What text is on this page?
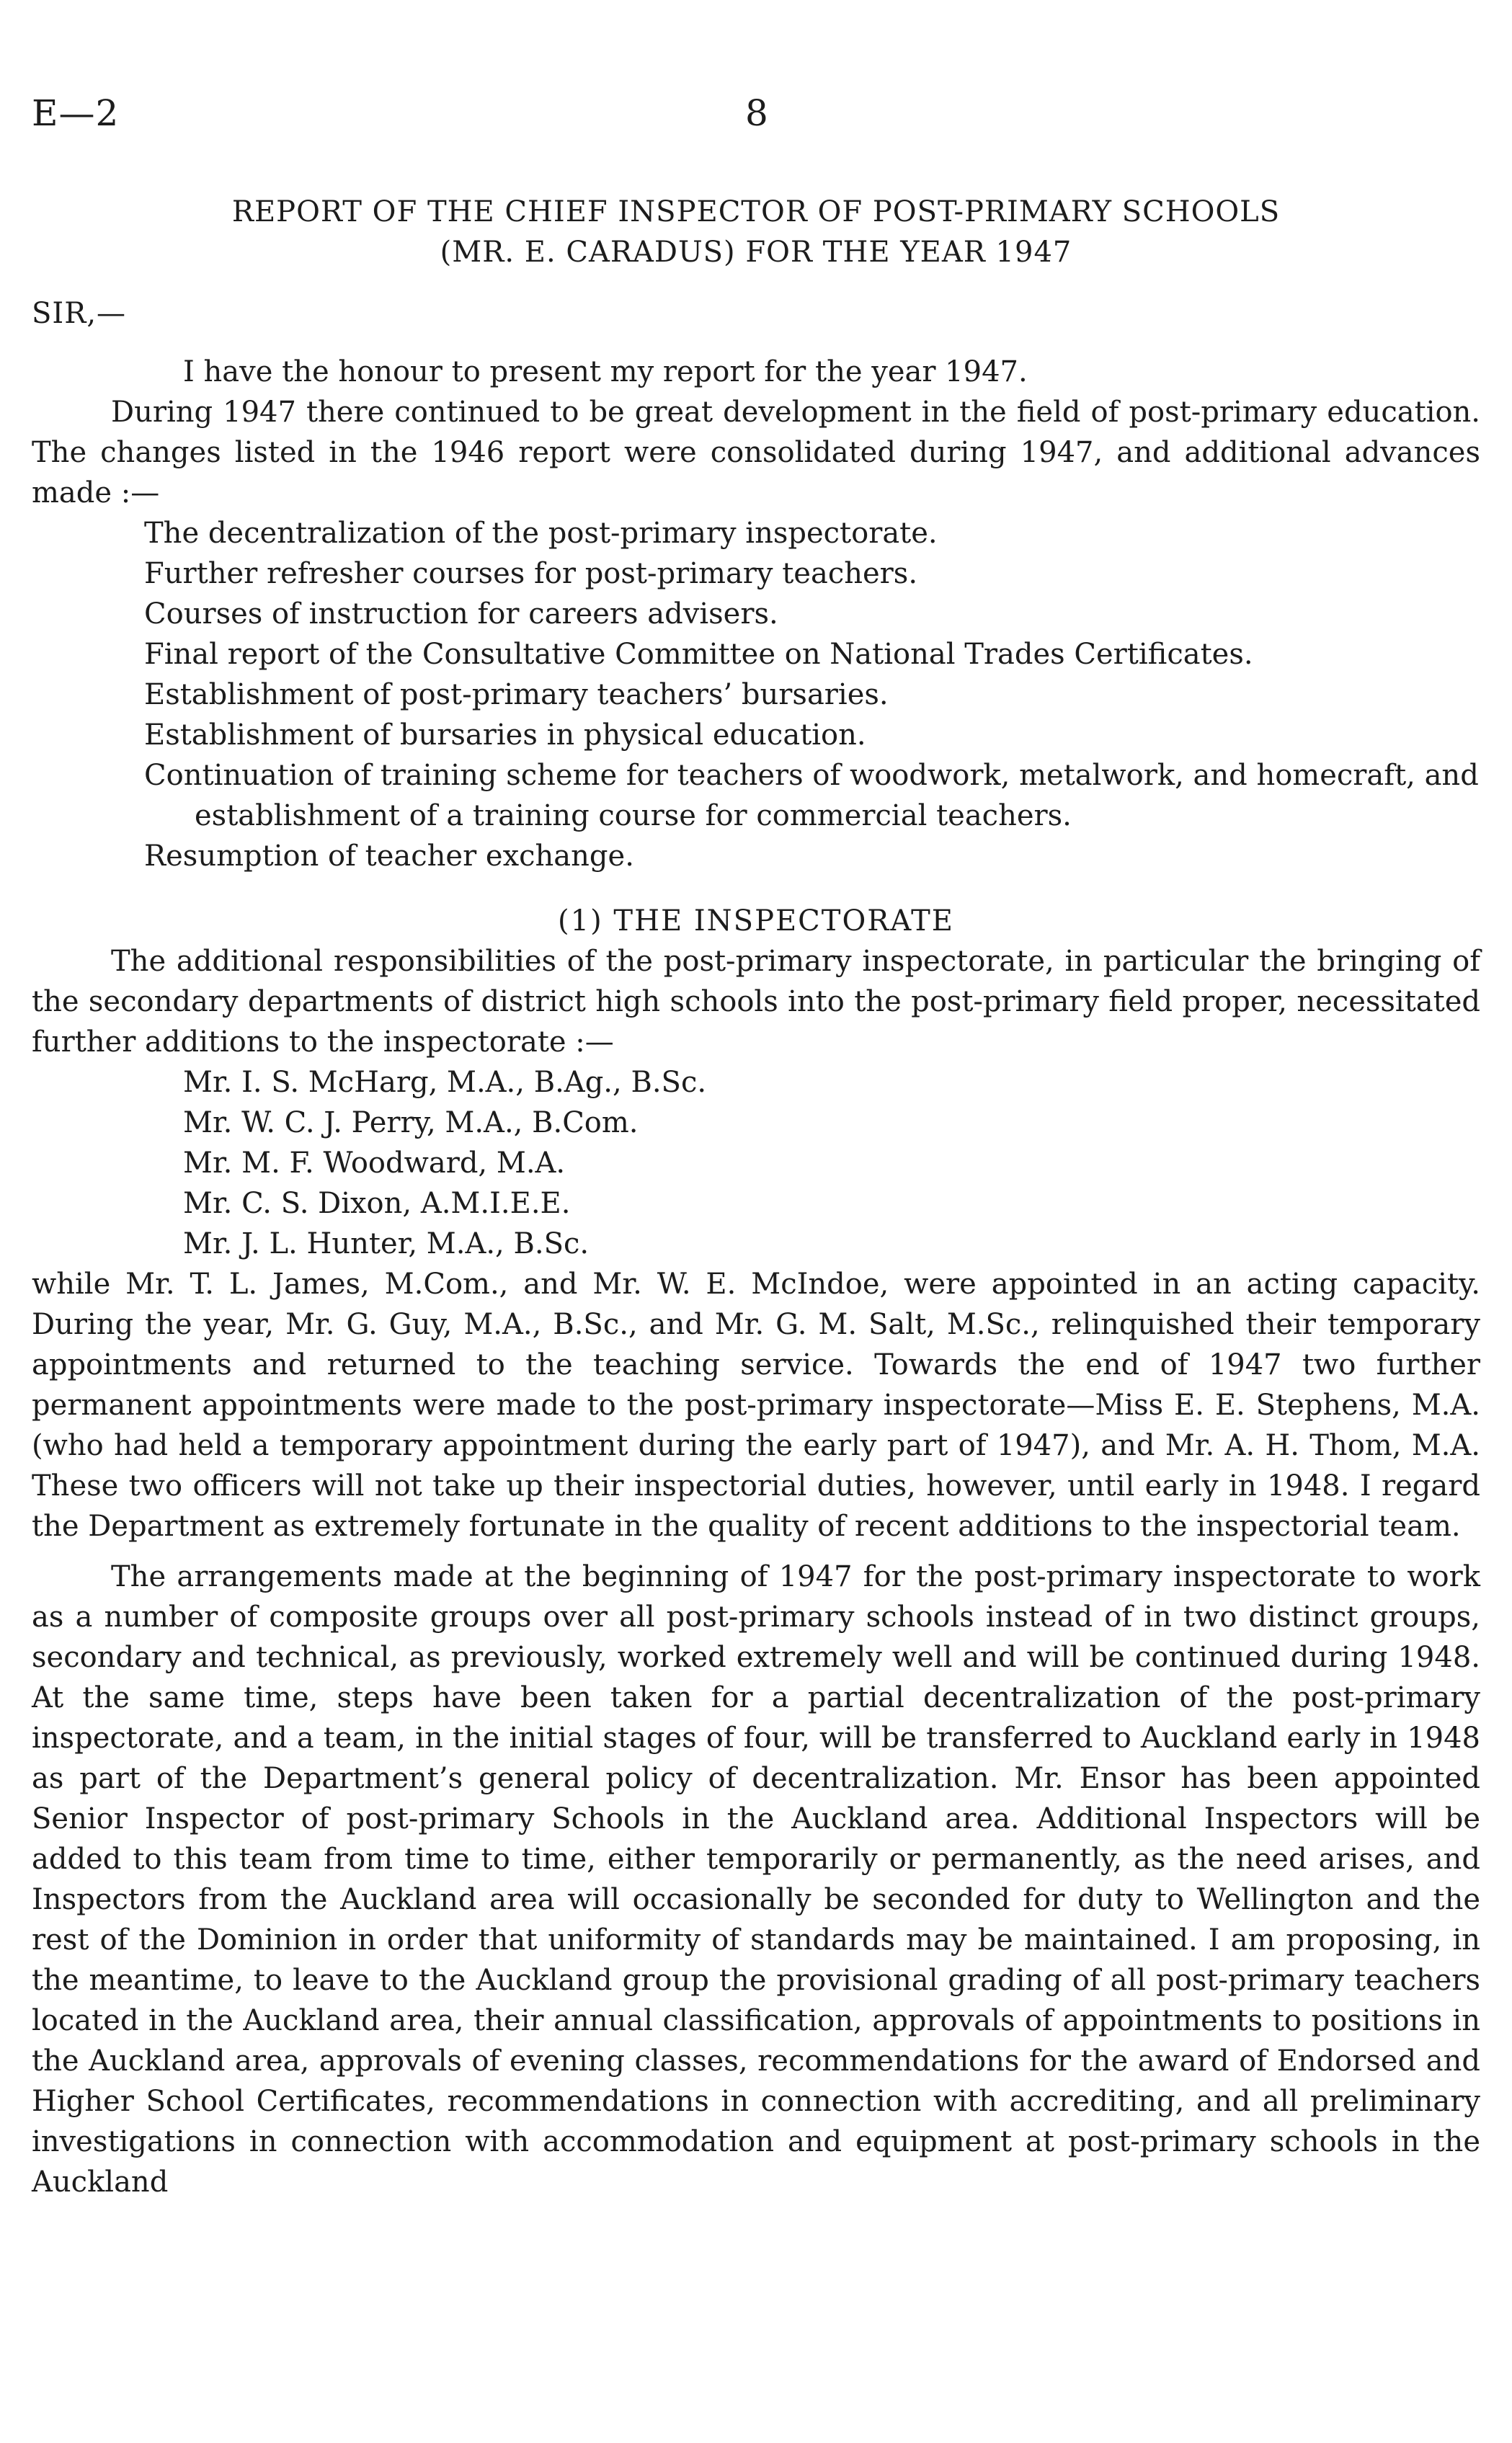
E—2	8
REPORT OF THE CHIEF INSPECTOR OF POST-PRIMARY SCHOOLS
(MR. E. CARADUS) FOR THE YEAR 1947
SIR,—

I have the honour to present my report for the year 1947.

During 1947 there continued to be great development in the field of post-primary education. The changes listed in the 1946 report were consolidated during 1947, and additional advances made :—

The decentralization of the post-primary inspectorate.
Further refresher courses for post-primary teachers.
Courses of instruction for careers advisers.
Final report of the Consultative Committee on National Trades Certificates.
Establishment of post-primary teachers’ bursaries.
Establishment of bursaries in physical education.
Continuation of training scheme for teachers of woodwork, metalwork, and homecraft, and establishment of a training course for commercial teachers.
Resumption of teacher exchange.

(1) THE INSPECTORATE

The additional responsibilities of the post-primary inspectorate, in particular the bringing of the secondary departments of district high schools into the post-primary field proper, necessitated further additions to the inspectorate :—

Mr. I. S. McHarg, M.A., B.Ag., B.Sc.
Mr. W. C. J. Perry, M.A., B.Com.
Mr. M. F. Woodward, M.A.
Mr. C. S. Dixon, A.M.I.E.E.
Mr. J. L. Hunter, M.A., B.Sc.

while Mr. T. L. James, M.Com., and Mr. W. E. McIndoe, were appointed in an acting capacity. During the year, Mr. G. Guy, M.A., B.Sc., and Mr. G. M. Salt, M.Sc., relinquished their temporary appointments and returned to the teaching service. Towards the end of 1947 two further permanent appointments were made to the post-primary inspectorate—Miss E. E. Stephens, M.A. (who had held a temporary appointment during the early part of 1947), and Mr. A. H. Thom, M.A. These two officers will not take up their inspectorial duties, however, until early in 1948. I regard the Department as extremely fortunate in the quality of recent additions to the inspectorial team.

The arrangements made at the beginning of 1947 for the post-primary inspectorate to work as a number of composite groups over all post-primary schools instead of in two distinct groups, secondary and technical, as previously, worked extremely well and will be continued during 1948. At the same time, steps have been taken for a partial decentralization of the post-primary inspectorate, and a team, in the initial stages of four, will be transferred to Auckland early in 1948 as part of the Department’s general policy of decentralization. Mr. Ensor has been appointed Senior Inspector of post-primary Schools in the Auckland area. Additional Inspectors will be added to this team from time to time, either temporarily or permanently, as the need arises, and Inspectors from the Auckland area will occasionally be seconded for duty to Wellington and the rest of the Dominion in order that uniformity of standards may be maintained. I am proposing, in the meantime, to leave to the Auckland group the provisional grading of all post-primary teachers located in the Auckland area, their annual classification, approvals of appointments to positions in the Auckland area, approvals of evening classes, recommendations for the award of Endorsed and Higher School Certificates, recommendations in connection with accrediting, and all preliminary investigations in connection with accommodation and equipment at post-primary schools in the Auckland
